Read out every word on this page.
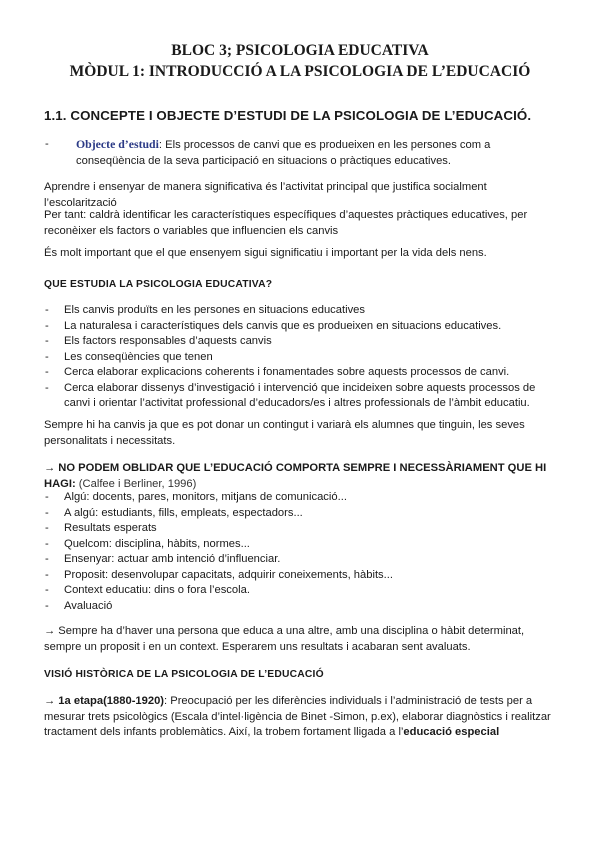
BLOC 3; PSICOLOGIA EDUCATIVA

MÒDUL 1: INTRODUCCIÓ A LA PSICOLOGIA DE L’EDUCACIÓ

1.1. CONCEPTE I OBJECTE D’ESTUDI DE LA PSICOLOGIA DE L’EDUCACIÓ.

- Objecte d’estudi: Els processos de canvi que es produeixen en les persones com a conseqüència de la seva participació en situacions o pràctiques educatives.

Aprendre i ensenyar de manera significativa és l’activitat principal que justifica socialment l’escolarització

Per tant: caldrà identificar les característiques específiques d’aquestes pràctiques educatives, per reconèixer els factors o variables que influencien els canvis

És molt important que el que ensenyem sigui significatiu i important per la vida dels nens.

QUE ESTUDIA LA PSICOLOGIA EDUCATIVA?

- Els canvis produïts en les persones en situacions educatives
- La naturalesa i característiques dels canvis que es produeixen en situacions educatives.
- Els factors responsables d’aquests canvis
- Les conseqüències que tenen
- Cerca elaborar explicacions coherents i fonamentades sobre aquests processos de canvi.
- Cerca elaborar dissenys d’investigació i intervenció que incideixen sobre aquests processos de canvi i orientar l’activitat professional d’educadors/es i altres professionals de l’àmbit educatiu.

Sempre hi ha canvis ja que es pot donar un contingut i variarà els alumnes que tinguin, les seves personalitats i necessitats.

→ NO PODEM OBLIDAR QUE L’EDUCACIÓ COMPORTA SEMPRE I NECESSÀRIAMENT QUE HI HAGI: (Calfee i Berliner, 1996)

- Algú: docents, pares, monitors, mitjans de comunicació...
- A algú: estudiants, fills, empleats, espectadors...
- Resultats esperats
- Quelcom: disciplina, hàbits, normes...
- Ensenyar: actuar amb intenció d’influenciar.
- Proposit: desenvolupar capacitats, adquirir coneixements, hàbits...
- Context educatiu: dins o fora l’escola.
- Avaluació

→ Sempre ha d’haver una persona que educa a una altre, amb una disciplina o hàbit determinat, sempre un proposit i en un context. Esperarem uns resultats i acabaran sent avaluats.

VISIÓ HISTÒRICA DE LA PSICOLOGIA DE L’EDUCACIÓ

→ 1a etapa(1880-1920): Preocupació per les diferències individuals i l’administració de tests per a mesurar trets psicològics (Escala d’intel·ligència de Binet -Simon, p.ex), elaborar diagnòstics i realitzar tractament dels infants problemàtics. Així, la trobem fortament lligada a l’educació especial
